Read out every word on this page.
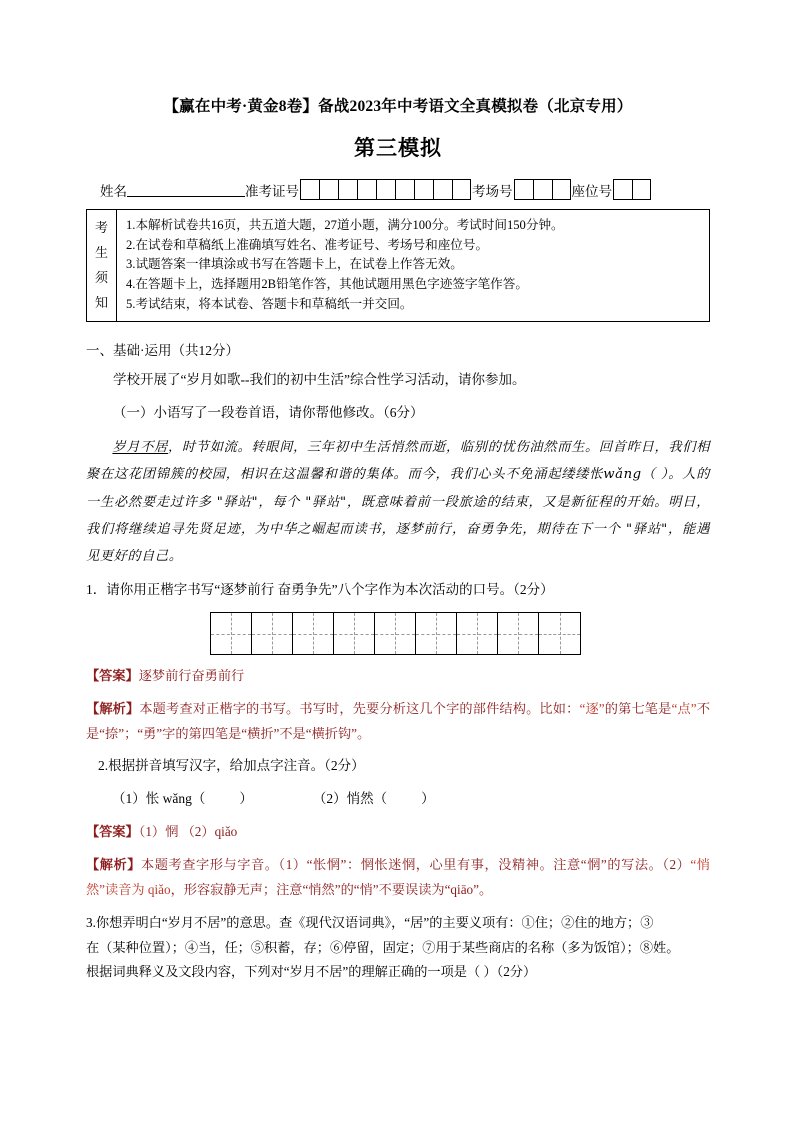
【赢在中考·黄金8卷】备战2023年中考语文全真模拟卷（北京专用）
第三模拟
姓名	准考证号	考场号	座位号
考
生
须
知
1.本解析试卷共16页，共五道大题，27道小题，满分100分。考试时间150分钟。
2.在试卷和草稿纸上准确填写姓名、准考证号、考场号和座位号。
3.试题答案一律填涂或书写在答题卡上，在试卷上作答无效。
4.在答题卡上，选择题用2B铅笔作答，其他试题用黑色字迹签字笔作答。
5.考试结束，将本试卷、答题卡和草稿纸一并交回。
一、基础·运用（共12分）
学校开展了“岁月如歌--我们的初中生活”综合性学习活动，请你参加。
（一）小语写了一段卷首语，请你帮他修改。（6分）
岁月不居，时节如流。转眼间，三年初中生活悄然而逝，临别的忧伤油然而生。回首昨日，我们相聚在这花团锦簇的校园，相识在这温馨和谐的集体。而今，我们心头不免涌起缕缕怅wǎng（ ）。人的一生必然要走过许多 "驿站"，每个 "驿站"，既意味着前一段旅途的结束，又是新征程的开始。明日，我们将继续追寻先贤足迹，为中华之崛起而读书，逐梦前行，奋勇争先，期待在下一个 "驿站"，能遇见更好的自己。
1．请你用正楷字书写“逐梦前行 奋勇争先”八个字作为本次活动的口号。（2分）
【答案】逐梦前行奋勇前行
【解析】本题考查对正楷字的书写。书写时，先要分析这几个字的部件结构。比如：“逐”的第七笔是“点”不是“捺”；“勇”字的第四笔是“横折”不是“横折钩”。
2.根据拼音填写汉字，给加点字注音。（2分）
（1）怅 wǎng（	）	（2）悄然（	）
【答案】（1）惘 （2）qiǎo
【解析】本题考查字形与字音。（1）“怅惘”：惘怅迷惘，心里有事，没精神。注意“惘”的写法。（2）“悄然”读音为 qiǎo，形容寂静无声；注意“悄然”的“悄”不要误读为“qiāo”。
3.你想弄明白“岁月不居”的意思。查《现代汉语词典》，“居”的主要义项有：①住；②住的地方；③
在（某种位置）；④当，任；⑤积蓄，存；⑥停留，固定；⑦用于某些商店的名称（多为饭馆）；⑧姓。
根据词典释义及文段内容，下列对“岁月不居”的理解正确的一项是（ ）（2分）
